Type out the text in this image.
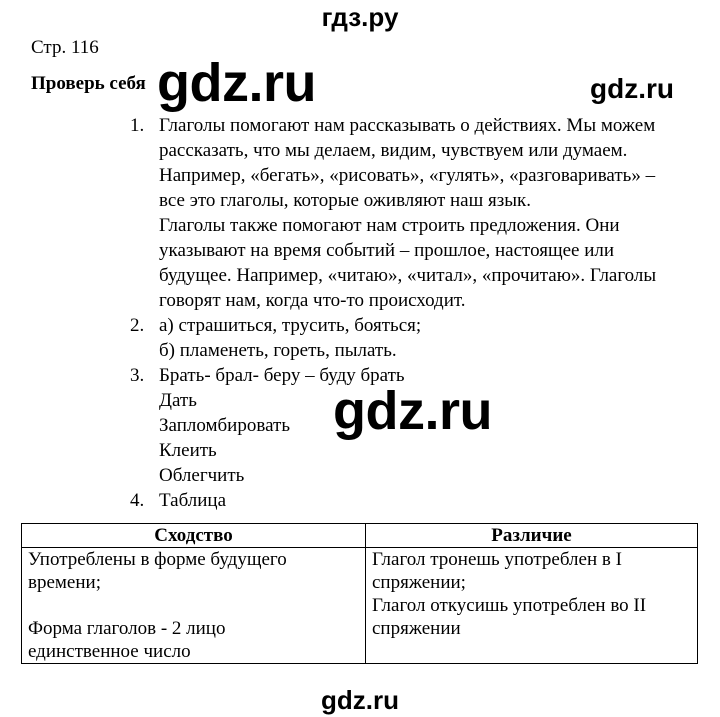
гдз.ру
Стр. 116
Проверь себя gdz.ru	gdz.ru
1. Глаголы помогают нам рассказывать о действиях. Мы можем
рассказать, что мы делаем, видим, чувствуем или думаем.
Например, «бегать», «рисовать», «гулять», «разговаривать» –
все это глаголы, которые оживляют наш язык.
Глаголы также помогают нам строить предложения. Они
указывают на время событий – прошлое, настоящее или
будущее. Например, «читаю», «читал», «прочитаю». Глаголы
говорят нам, когда что-то происходит.
2. а) страшиться, трусить, бояться;
б) пламенеть, гореть, пылать.
3. Брать- брал- беру – буду брать
Дать
Запломбировать
Клеить
Облегчить
4. Таблица
gdz.ru
Сходство	Различие

Употреблены в форме будущего
времени;
Форма глаголов - 2 лицо
единственное число	Глагол тронешь употреблен в I
спряжении;
Глагол откусишь употреблен во II
спряжении
gdz.ru
